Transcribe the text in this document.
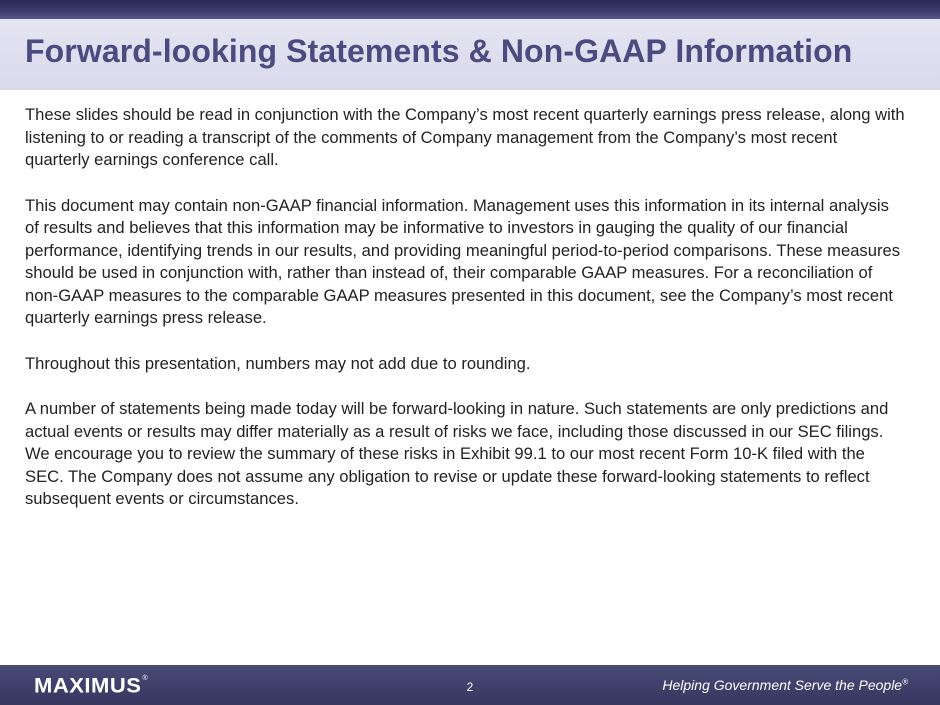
Forward-looking Statements & Non-GAAP Information

These slides should be read in conjunction with the Company’s most recent quarterly earnings press release, along with listening to or reading a transcript of the comments of Company management from the Company’s most recent quarterly earnings conference call.

This document may contain non-GAAP financial information. Management uses this information in its internal analysis of results and believes that this information may be informative to investors in gauging the quality of our financial performance, identifying trends in our results, and providing meaningful period-to-period comparisons. These measures should be used in conjunction with, rather than instead of, their comparable GAAP measures. For a reconciliation of non-GAAP measures to the comparable GAAP measures presented in this document, see the Company’s most recent quarterly earnings press release.

Throughout this presentation, numbers may not add due to rounding.

A number of statements being made today will be forward-looking in nature. Such statements are only predictions and actual events or results may differ materially as a result of risks we face, including those discussed in our SEC filings. We encourage you to review the summary of these risks in Exhibit 99.1 to our most recent Form 10-K filed with the SEC. The Company does not assume any obligation to revise or update these forward-looking statements to reflect subsequent events or circumstances.

MAXIMUS ®
2	Helping Government Serve the People®
